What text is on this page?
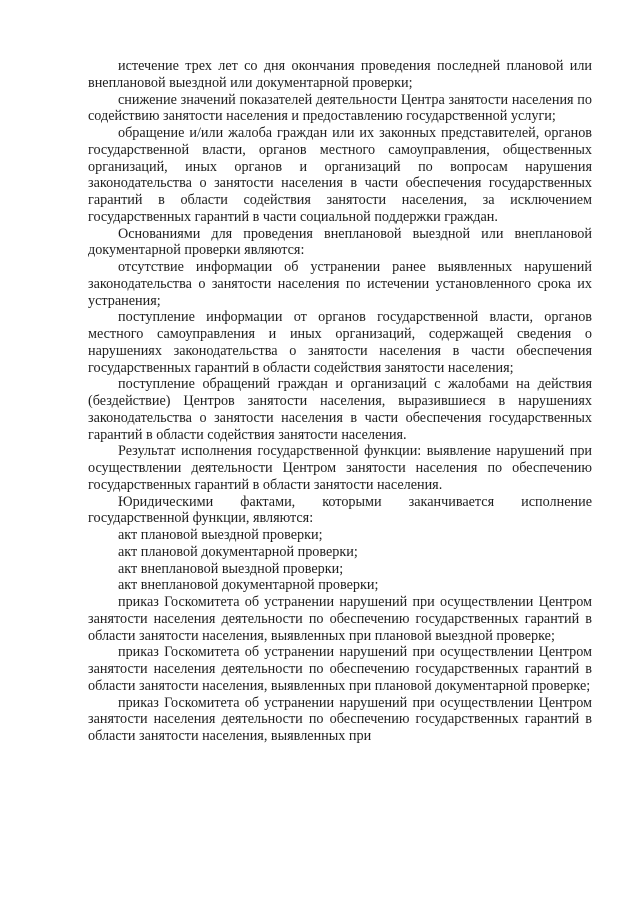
истечение трех лет со дня окончания проведения последней плановой или внеплановой выездной или документарной проверки;

снижение значений показателей деятельности Центра занятости населения по содействию занятости населения и предоставлению государственной услуги;

обращение и/или жалоба граждан или их законных представителей, органов государственной власти, органов местного самоуправления, общественных организаций, иных органов и организаций по вопросам нарушения законодательства о занятости населения в части обеспечения государственных гарантий в области содействия занятости населения, за исключением государственных гарантий в части социальной поддержки граждан.

Основаниями для проведения внеплановой выездной или внеплановой документарной проверки являются:

отсутствие информации об устранении ранее выявленных нарушений законодательства о занятости населения по истечении установленного срока их устранения;

поступление информации от органов государственной власти, органов местного самоуправления и иных организаций, содержащей сведения о нарушениях законодательства о занятости населения в части обеспечения государственных гарантий в области содействия занятости населения;

поступление обращений граждан и организаций с жалобами на действия (бездействие) Центров занятости населения, выразившиеся в нарушениях законодательства о занятости населения в части обеспечения государственных гарантий в области содействия занятости населения.

Результат исполнения государственной функции: выявление нарушений при осуществлении деятельности Центром занятости населения по обеспечению государственных гарантий в области занятости населения.

Юридическими фактами, которыми заканчивается исполнение государственной функции, являются:

акт плановой выездной проверки;

акт плановой документарной проверки;

акт внеплановой выездной проверки;

акт внеплановой документарной проверки;

приказ Госкомитета об устранении нарушений при осуществлении Центром занятости населения деятельности по обеспечению государственных гарантий в области занятости населения, выявленных при плановой выездной проверке;

приказ Госкомитета об устранении нарушений при осуществлении Центром занятости населения деятельности по обеспечению государственных гарантий в области занятости населения, выявленных при плановой документарной проверке;

приказ Госкомитета об устранении нарушений при осуществлении Центром занятости населения деятельности по обеспечению государственных гарантий в области занятости населения, выявленных при
